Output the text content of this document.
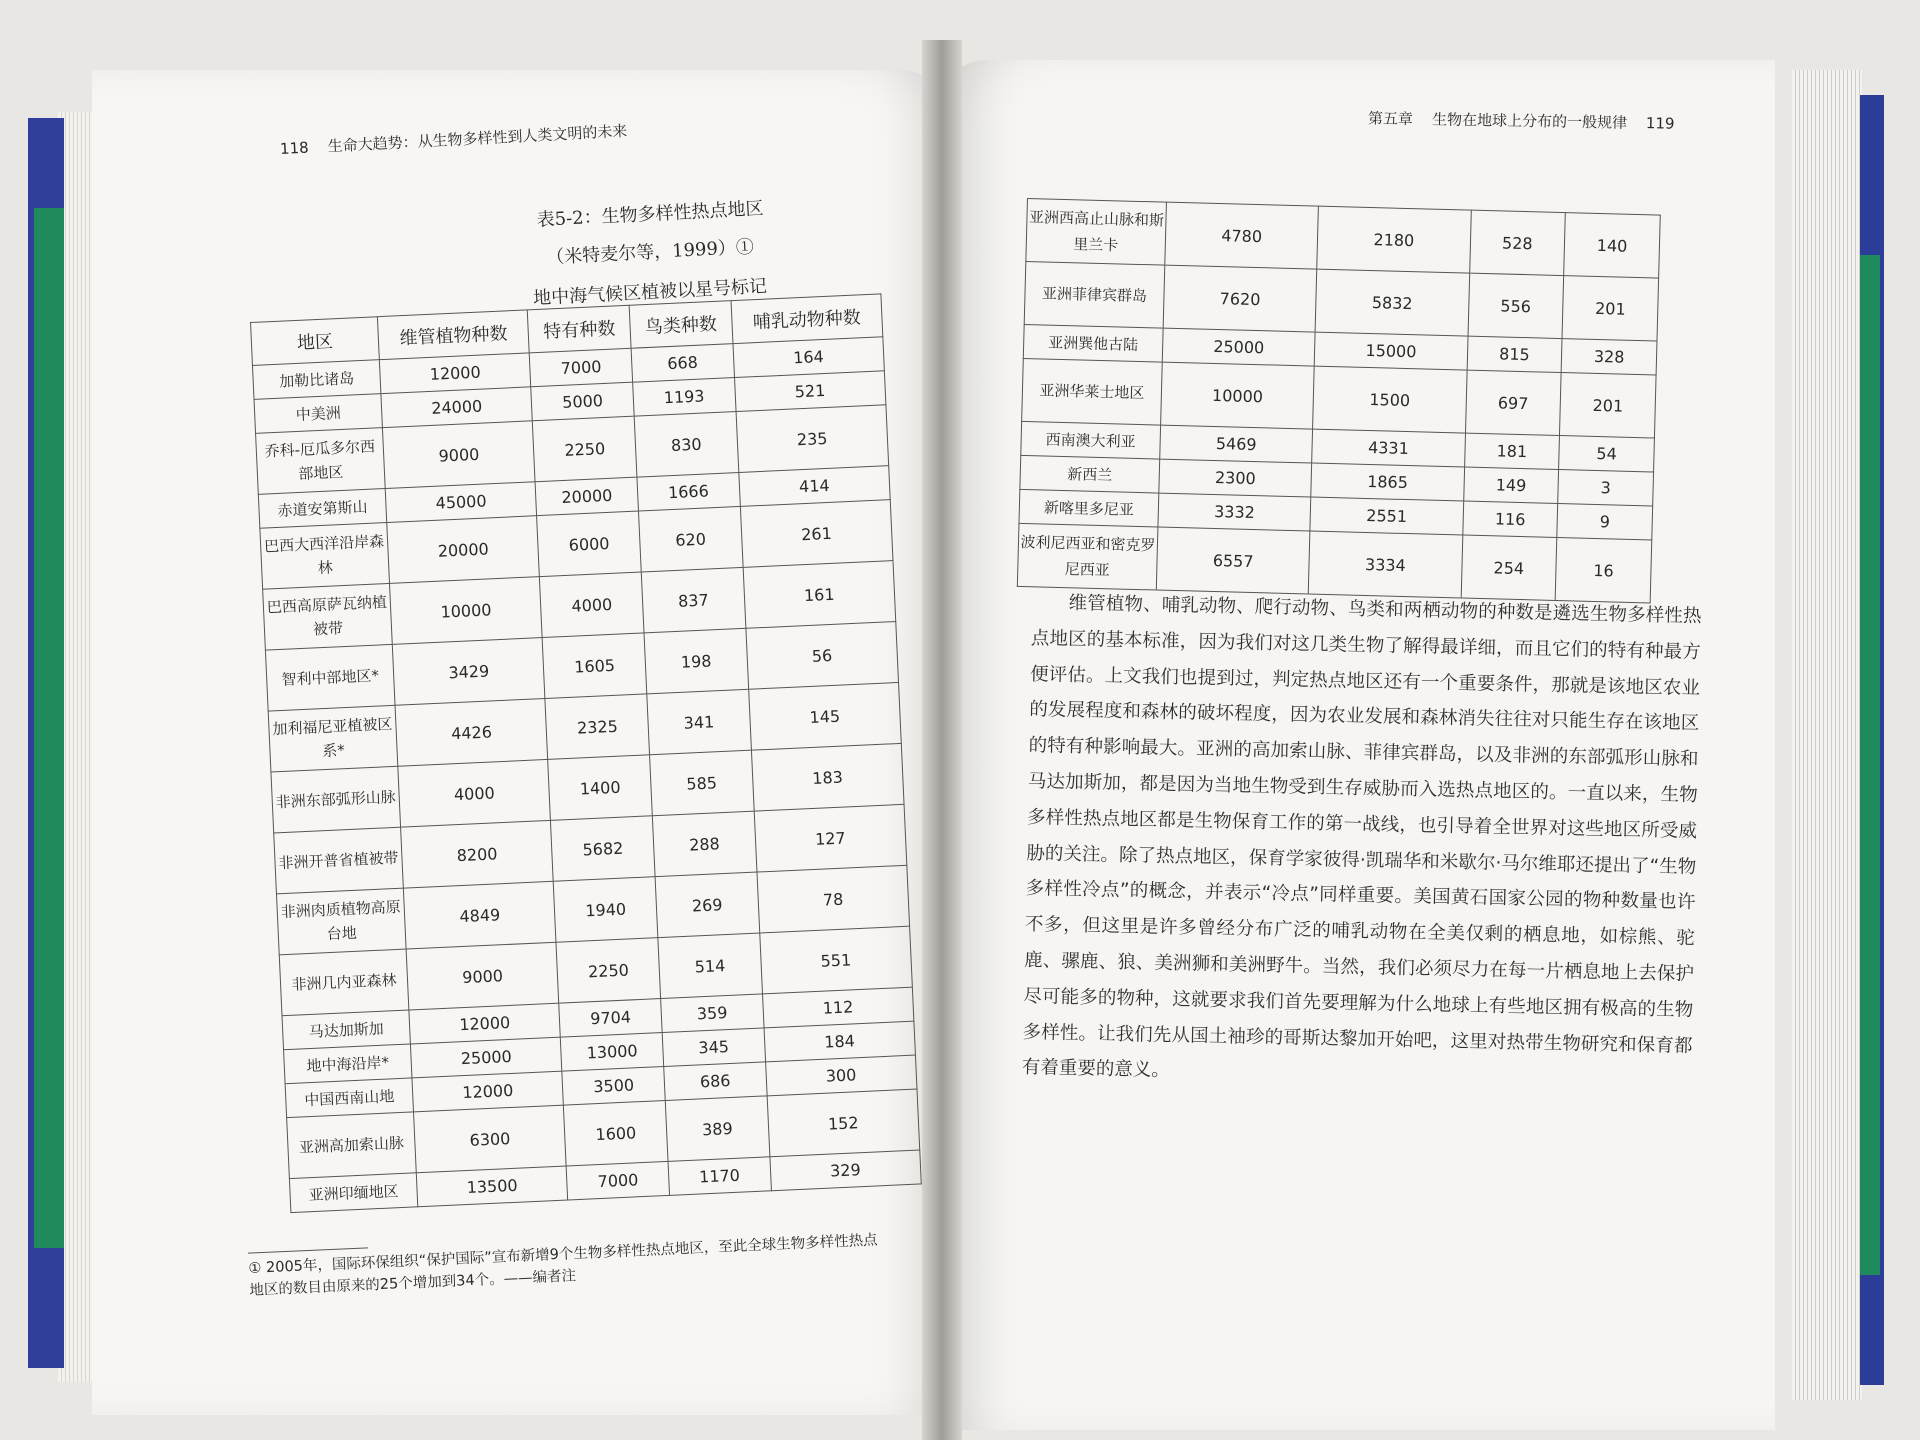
118 生命大趋势：从生物多样性到人类文明的未来
表5-2：生物多样性热点地区
（米特麦尔等，1999）①
地中海气候区植被以星号标记
地区	维管植物种数	特有种数	鸟类种数	哺乳动物种数
加勒比诸岛	12000	7000	668	164
中美洲	24000	5000	1193	521
乔科-厄瓜多尔西部地区	9000	2250	830	235
赤道安第斯山	45000	20000	1666	414
巴西大西洋沿岸森林	20000	6000	620	261
巴西高原萨瓦纳植被带	10000	4000	837	161
智利中部地区*	3429	1605	198	56
加利福尼亚植被区系*	4426	2325	341	145
非洲东部弧形山脉	4000	1400	585	183
非洲开普省植被带	8200	5682	288	127
非洲肉质植物高原台地	4849	1940	269	78
非洲几内亚森林	9000	2250	514	551
马达加斯加	12000	9704	359	112
地中海沿岸*	25000	13000	345	184
中国西南山地	12000	3500	686	300
亚洲高加索山脉	6300	1600	389	152
亚洲印缅地区	13500	7000	1170	329
① 2005年，国际环保组织“保护国际”宣布新增9个生物多样性热点地区，至此全球生物多样性热点地区的数目由原来的25个增加到34个。——编者注
第五章 生物在地球上分布的一般规律 119
亚洲西高止山脉和斯里兰卡	4780	2180	528	140
亚洲菲律宾群岛	7620	5832	556	201
亚洲巽他古陆	25000	15000	815	328
亚洲华莱士地区	10000	1500	697	201
西南澳大利亚	5469	4331	181	54
新西兰	2300	1865	149	3
新喀里多尼亚	3332	2551	116	9
波利尼西亚和密克罗尼西亚	6557	3334	254	16

维管植物、哺乳动物、爬行动物、鸟类和两栖动物的种数是遴选生物多样性热点地区的基本标准，因为我们对这几类生物了解得最详细，而且它们的特有种最方便评估。上文我们也提到过，判定热点地区还有一个重要条件，那就是该地区农业的发展程度和森林的破坏程度，因为农业发展和森林消失往往对只能生存在该地区的特有种影响最大。亚洲的高加索山脉、菲律宾群岛，以及非洲的东部弧形山脉和马达加斯加，都是因为当地生物受到生存威胁而入选热点地区的。一直以来，生物多样性热点地区都是生物保育工作的第一战线，也引导着全世界对这些地区所受威胁的关注。除了热点地区，保育学家彼得·凯瑞华和米歇尔·马尔维耶还提出了“生物多样性冷点”的概念，并表示“冷点”同样重要。美国黄石国家公园的物种数量也许不多，但这里是许多曾经分布广泛的哺乳动物在全美仅剩的栖息地，如棕熊、驼鹿、骡鹿、狼、美洲狮和美洲野牛。当然，我们必须尽力在每一片栖息地上去保护尽可能多的物种，这就要求我们首先要理解为什么地球上有些地区拥有极高的生物多样性。让我们先从国土袖珍的哥斯达黎加开始吧，这里对热带生物研究和保育都有着重要的意义。
